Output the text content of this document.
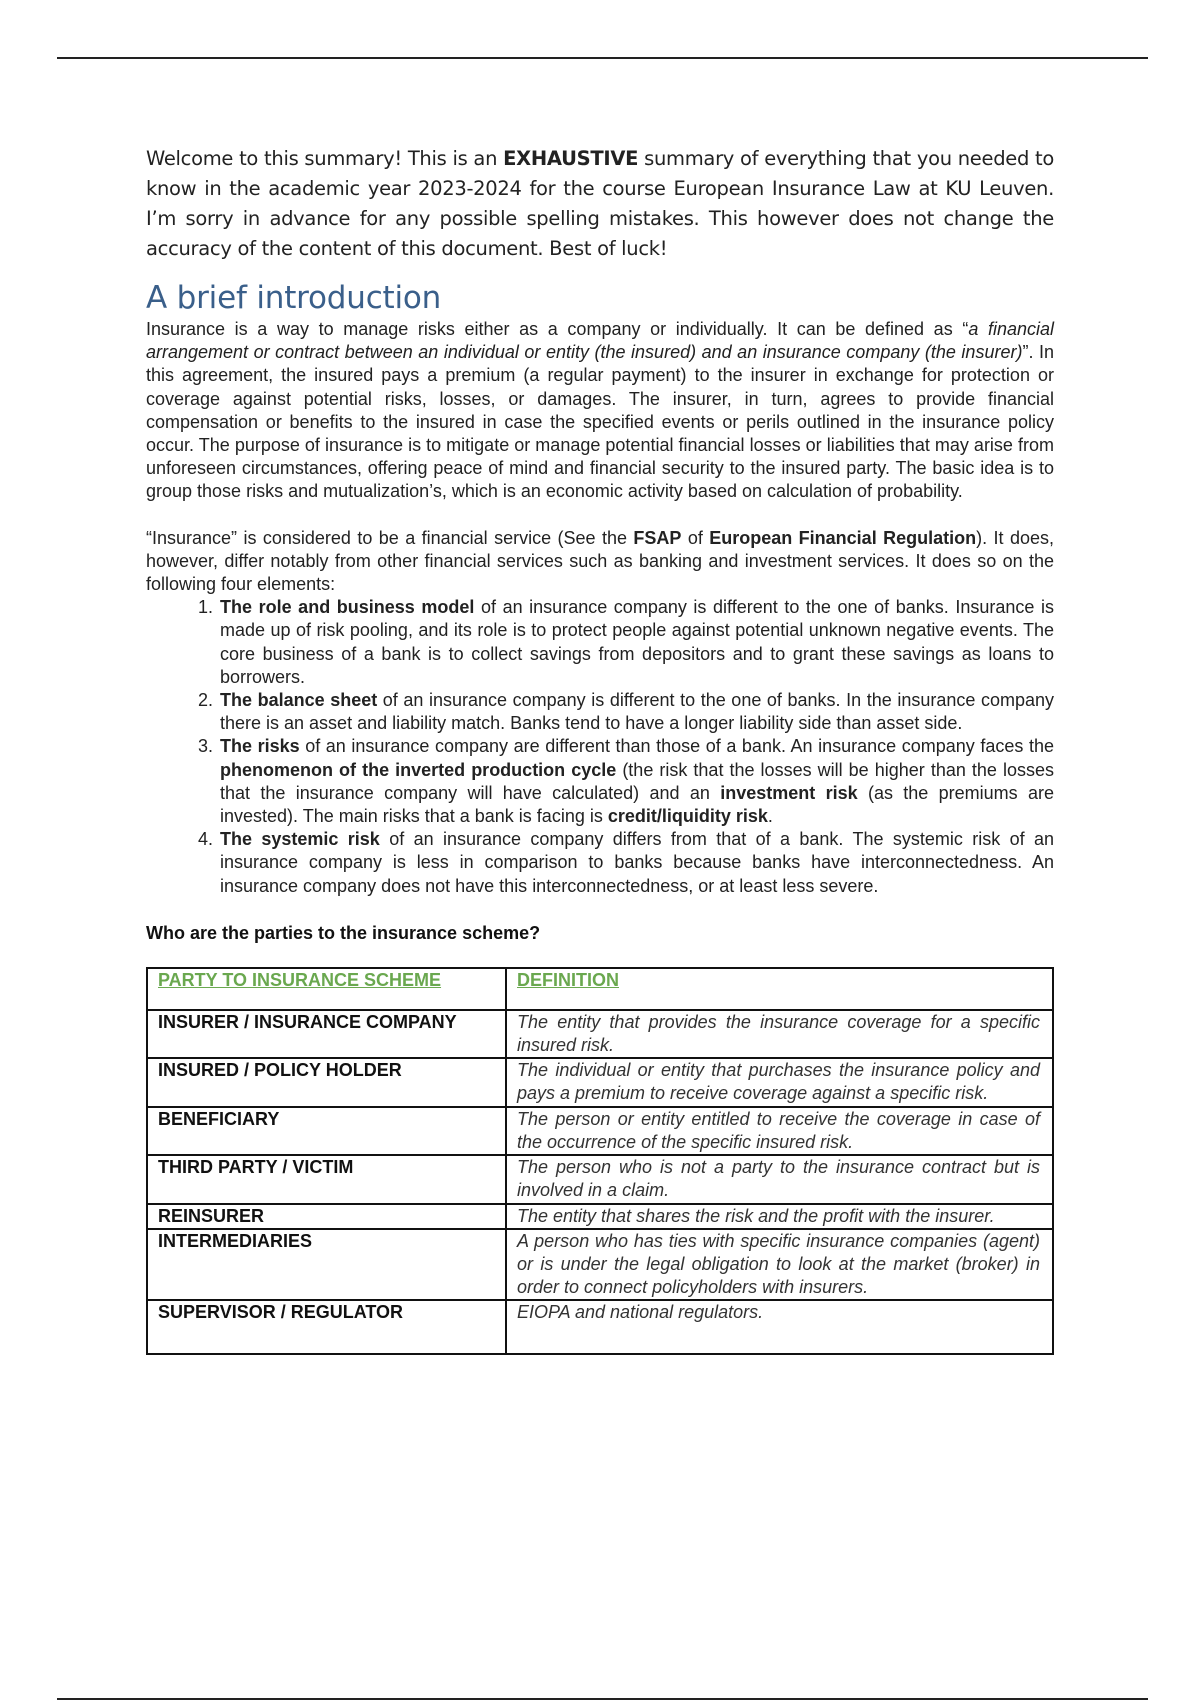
Welcome to this summary! This is an EXHAUSTIVE summary of everything that you needed to know in the academic year 2023-2024 for the course European Insurance Law at KU Leuven. I’m sorry in advance for any possible spelling mistakes. This however does not change the accuracy of the content of this document. Best of luck!

A brief introduction

Insurance is a way to manage risks either as a company or individually. It can be defined as “a financial arrangement or contract between an individual or entity (the insured) and an insurance company (the insurer)”. In this agreement, the insured pays a premium (a regular payment) to the insurer in exchange for protection or coverage against potential risks, losses, or damages. The insurer, in turn, agrees to provide financial compensation or benefits to the insured in case the specified events or perils outlined in the insurance policy occur. The purpose of insurance is to mitigate or manage potential financial losses or liabilities that may arise from unforeseen circumstances, offering peace of mind and financial security to the insured party. The basic idea is to group those risks and mutualization’s, which is an economic activity based on calculation of probability.

“Insurance” is considered to be a financial service (See the FSAP of European Financial Regulation). It does, however, differ notably from other financial services such as banking and investment services. It does so on the following four elements:

1. The role and business model of an insurance company is different to the one of banks. Insurance is made up of risk pooling, and its role is to protect people against potential unknown negative events. The core business of a bank is to collect savings from depositors and to grant these savings as loans to borrowers.
2. The balance sheet of an insurance company is different to the one of banks. In the insurance company there is an asset and liability match. Banks tend to have a longer liability side than asset side.
3. The risks of an insurance company are different than those of a bank. An insurance company faces the phenomenon of the inverted production cycle (the risk that the losses will be higher than the losses that the insurance company will have calculated) and an investment risk (as the premiums are invested). The main risks that a bank is facing is credit/liquidity risk.
4. The systemic risk of an insurance company differs from that of a bank. The systemic risk of an insurance company is less in comparison to banks because banks have interconnectedness. An insurance company does not have this interconnectedness, or at least less severe.

Who are the parties to the insurance scheme?

PARTY TO INSURANCE SCHEME	DEFINITION
INSURER / INSURANCE COMPANY	The entity that provides the insurance coverage for a specific insured risk.
INSURED / POLICY HOLDER	The individual or entity that purchases the insurance policy and pays a premium to receive coverage against a specific risk.
BENEFICIARY	The person or entity entitled to receive the coverage in case of the occurrence of the specific insured risk.
THIRD PARTY / VICTIM	The person who is not a party to the insurance contract but is involved in a claim.
REINSURER	The entity that shares the risk and the profit with the insurer.
INTERMEDIARIES	A person who has ties with specific insurance companies (agent) or is under the legal obligation to look at the market (broker) in order to connect policyholders with insurers.
SUPERVISOR / REGULATOR	EIOPA and national regulators.
